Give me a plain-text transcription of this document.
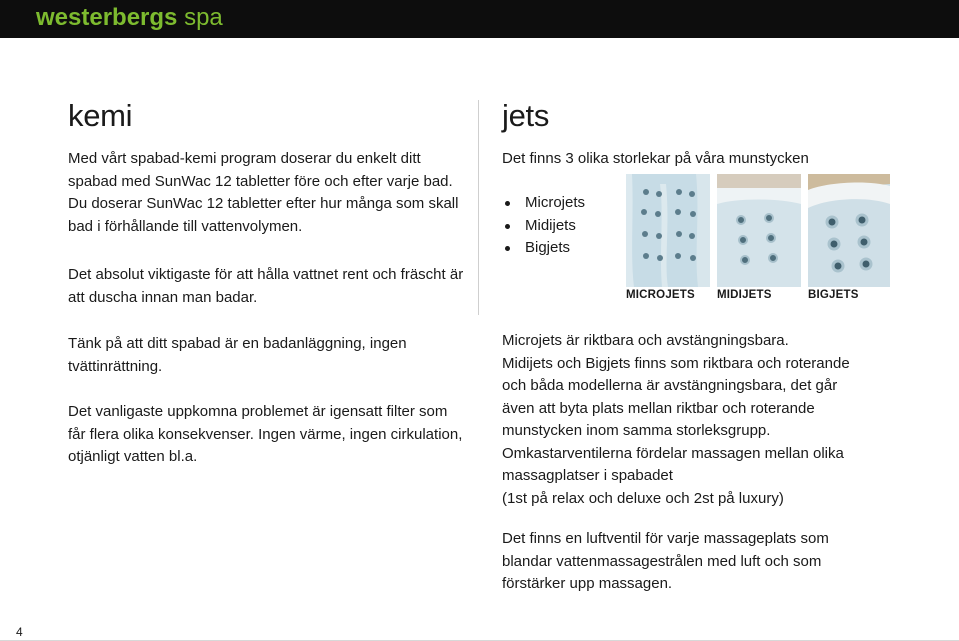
westerbergs spa
kemi

Med vårt spabad-kemi program doserar du enkelt ditt spabad med SunWac 12 tabletter före och efter varje bad. Du doserar SunWac 12 tabletter efter hur många som skall bad i förhållande till vattenvolymen.

Det absolut viktigaste för att hålla vattnet rent och fräscht är att duscha innan man badar.

Tänk på att ditt spabad är en badanläggning, ingen tvättinrättning.

Det vanligaste uppkomna problemet är igensatt filter som får flera olika konsekvenser. Ingen värme, ingen cirkulation, otjänligt vatten bl.a.

jets

Det finns 3 olika storlekar på våra munstycken

Microjets
Midijets
Bigjets
MICROJETS MIDIJETS	BIGJETS
Microjets är riktbara och avstängningsbara.
Midijets och Bigjets finns som riktbara och roterande
och båda modellerna är avstängningsbara, det går
även att byta plats mellan riktbar och roterande
munstycken inom samma storleksgrupp.
Omkastarventilerna fördelar massagen mellan olika
massagplatser i spabadet
(1st på relax och deluxe och 2st på luxury)
Det finns en luftventil för varje massageplats som
blandar vattenmassagestrålen med luft och som
förstärker upp massagen.
4
